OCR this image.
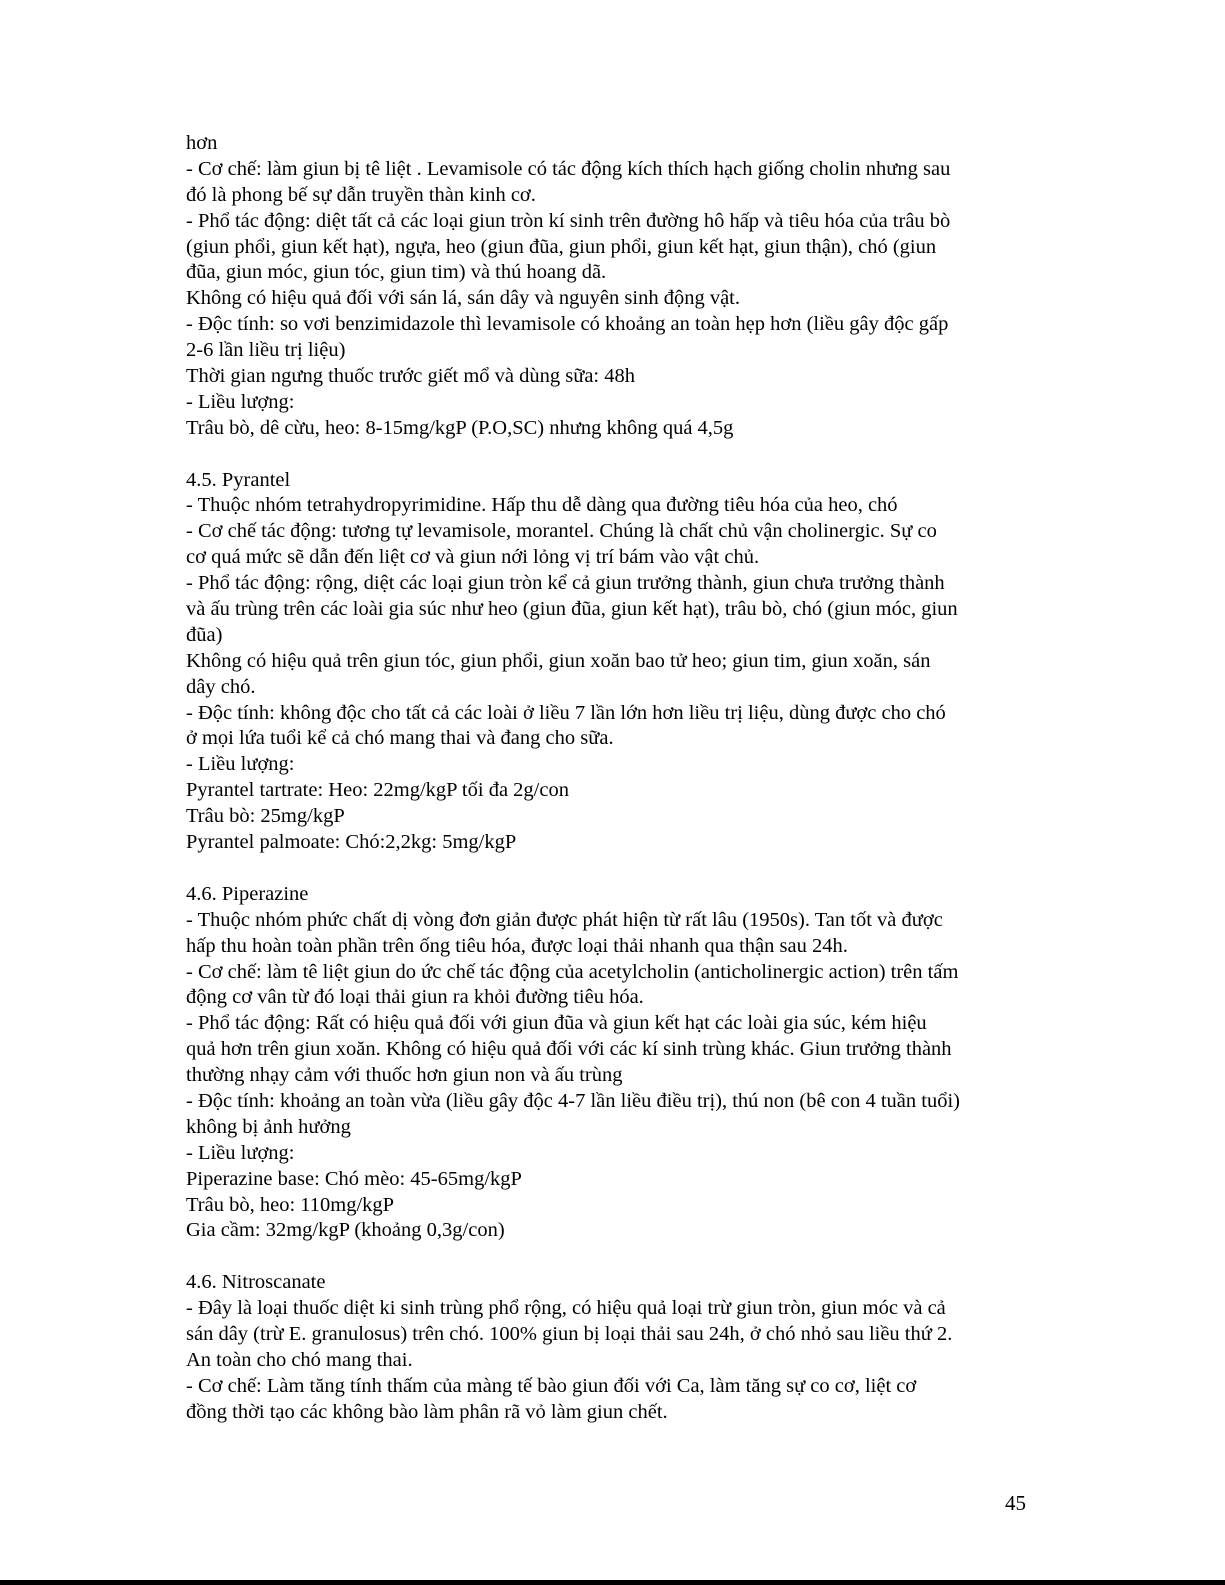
hơn
- Cơ chế: làm giun bị tê liệt . Levamisole có tác động kích thích hạch giống cholin nhưng sau
đó là phong bế sự dẫn truyền thàn kinh cơ.
- Phổ tác động: diệt tất cả các loại giun tròn kí sinh trên đường hô hấp và tiêu hóa của trâu bò
(giun phổi, giun kết hạt), ngựa, heo (giun đũa, giun phổi, giun kết hạt, giun thận), chó (giun
đũa, giun móc, giun tóc, giun tim) và thú hoang dã.
Không có hiệu quả đối với sán lá, sán dây và nguyên sinh động vật.
- Độc tính: so vơi benzimidazole thì levamisole có khoảng an toàn hẹp hơn (liều gây độc gấp
2-6 lần liều trị liệu)
Thời gian ngưng thuốc trước giết mổ và dùng sữa: 48h
- Liều lượng:
Trâu bò, dê cừu, heo: 8-15mg/kgP (P.O,SC) nhưng không quá 4,5g
4.5. Pyrantel
- Thuộc nhóm tetrahydropyrimidine. Hấp thu dễ dàng qua đường tiêu hóa của heo, chó
- Cơ chế tác động: tương tự levamisole, morantel. Chúng là chất chủ vận cholinergic. Sự co
cơ quá mức sẽ dẫn đến liệt cơ và giun nới lỏng vị trí bám vào vật chủ.
- Phổ tác động: rộng, diệt các loại giun tròn kể cả giun trưởng thành, giun chưa trưởng thành
và ấu trùng trên các loài gia súc như heo (giun đũa, giun kết hạt), trâu bò, chó (giun móc, giun
đũa)
Không có hiệu quả trên giun tóc, giun phổi, giun xoăn bao tử heo; giun tim, giun xoăn, sán
dây chó.
- Độc tính: không độc cho tất cả các loài ở liều 7 lần lớn hơn liều trị liệu, dùng được cho chó
ở mọi lứa tuổi kể cả chó mang thai và đang cho sữa.
- Liều lượng:
Pyrantel tartrate: Heo: 22mg/kgP tối đa 2g/con
Trâu bò: 25mg/kgP
Pyrantel palmoate: Chó:2,2kg: 5mg/kgP
4.6. Piperazine
- Thuộc nhóm phức chất dị vòng đơn giản được phát hiện từ rất lâu (1950s). Tan tốt và được
hấp thu hoàn toàn phần trên ống tiêu hóa, được loại thải nhanh qua thận sau 24h.
- Cơ chế: làm tê liệt giun do ức chế tác động của acetylcholin (anticholinergic action) trên tấm
động cơ vân từ đó loại thải giun ra khỏi đường tiêu hóa.
- Phổ tác động: Rất có hiệu quả đối với giun đũa và giun kết hạt các loài gia súc, kém hiệu
quả hơn trên giun xoăn. Không có hiệu quả đối với các kí sinh trùng khác. Giun trưởng thành
thường nhạy cảm với thuốc hơn giun non và ấu trùng
- Độc tính: khoảng an toàn vừa (liều gây độc 4-7 lần liều điều trị), thú non (bê con 4 tuần tuổi)
không bị ảnh hưởng
- Liều lượng:
Piperazine base: Chó mèo: 45-65mg/kgP
Trâu bò, heo: 110mg/kgP
Gia cầm: 32mg/kgP (khoảng 0,3g/con)
4.6. Nitroscanate
- Đây là loại thuốc diệt ki sinh trùng phổ rộng, có hiệu quả loại trừ giun tròn, giun móc và cả
sán dây (trừ E. granulosus) trên chó. 100% giun bị loại thải sau 24h, ở chó nhỏ sau liều thứ 2.
An toàn cho chó mang thai.
- Cơ chế: Làm tăng tính thấm của màng tế bào giun đối với Ca, làm tăng sự co cơ, liệt cơ
đồng thời tạo các không bào làm phân rã vỏ làm giun chết.
45
